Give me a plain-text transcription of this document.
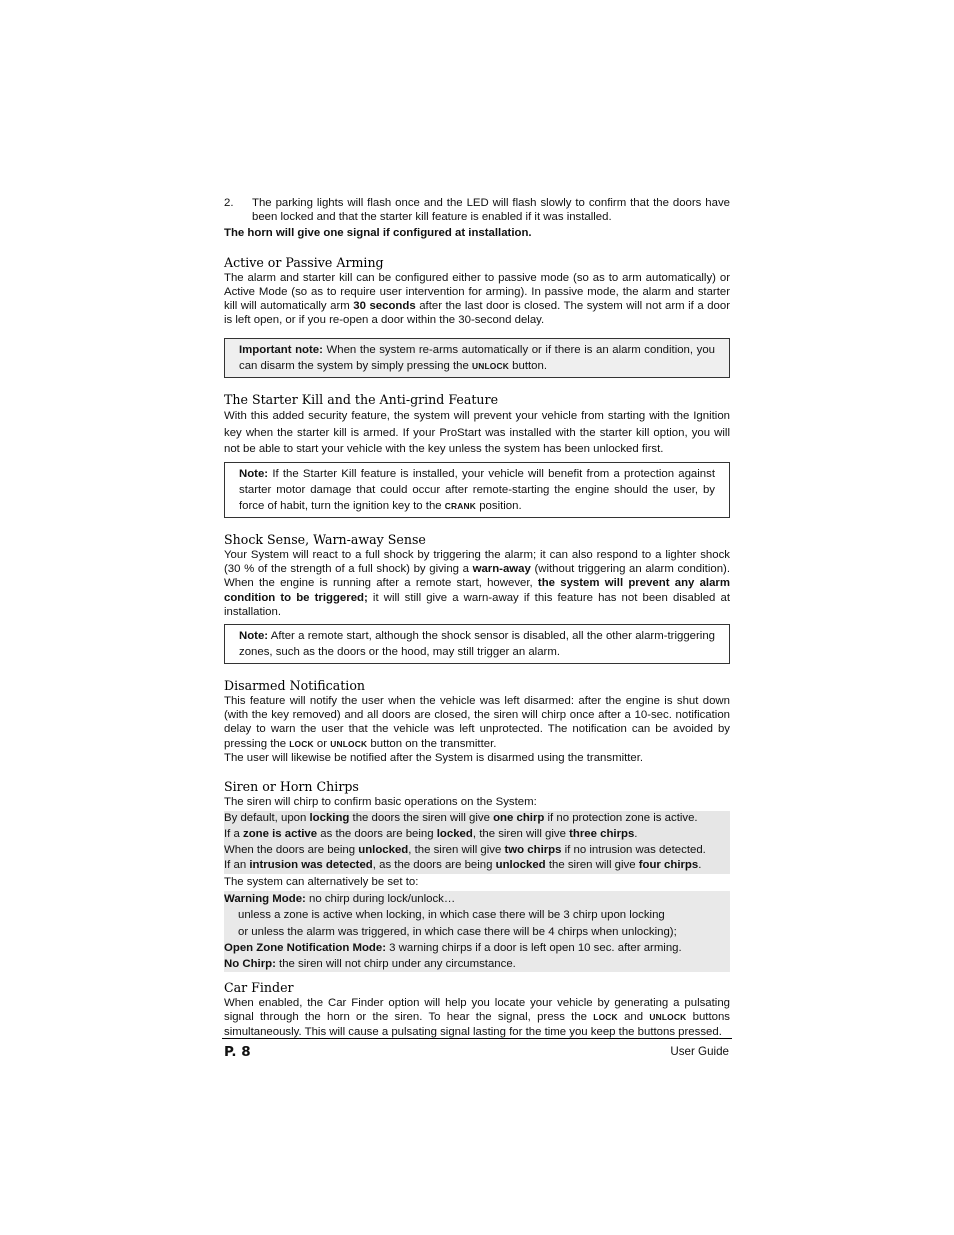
2.	The parking lights will flash once and the LED will flash slowly to confirm that the doors have been locked and that the starter kill feature is enabled if it was installed.

The horn will give one signal if configured at installation.

Active or Passive Arming

The alarm and starter kill can be configured either to passive mode (so as to arm automatically) or Active Mode (so as to require user intervention for arming). In passive mode, the alarm and starter kill will automatically arm 30 seconds after the last door is closed. The system will not arm if a door is left open, or if you re-open a door within the 30-second delay.

Important note: When the system re-arms automatically or if there is an alarm condition, you can disarm the system by simply pressing the UNLOCK button.
The Starter Kill and the Anti-grind Feature

With this added security feature, the system will prevent your vehicle from starting with the Ignition key when the starter kill is armed. If your ProStart was installed with the starter kill option, you will not be able to start your vehicle with the key unless the system has been unlocked first.

Note: If the Starter Kill feature is installed, your vehicle will benefit from a protection against starter motor damage that could occur after remote-starting the engine should the user, by force of habit, turn the ignition key to the CRANK position.
Shock Sense, Warn-away Sense

Your System will react to a full shock by triggering the alarm; it can also respond to a lighter shock (30 % of the strength of a full shock) by giving a warn-away (without triggering an alarm condition). When the engine is running after a remote start, however, the system will prevent any alarm condition to be triggered; it will still give a warn-away if this feature has not been disabled at installation.

Note: After a remote start, although the shock sensor is disabled, all the other alarm-triggering zones, such as the doors or the hood, may still trigger an alarm.
Disarmed Notification

This feature will notify the user when the vehicle was left disarmed: after the engine is shut down (with the key removed) and all doors are closed, the siren will chirp once after a 10-sec. notification delay to warn the user that the vehicle was left unprotected. The notification can be avoided by pressing the LOCK or UNLOCK button on the transmitter.

The user will likewise be notified after the System is disarmed using the transmitter.

Siren or Horn Chirps

The siren will chirp to confirm basic operations on the System:

By default, upon locking the doors the siren will give one chirp if no protection zone is active.

If a zone is active as the doors are being locked, the siren will give three chirps.

When the doors are being unlocked, the siren will give two chirps if no intrusion was detected.

If an intrusion was detected, as the doors are being unlocked the siren will give four chirps.

The system can alternatively be set to:

Warning Mode: no chirp during lock/unlock…
unless a zone is active when locking, in which case there will be 3 chirp upon locking
or unless the alarm was triggered, in which case there will be 4 chirps when unlocking);
Open Zone Notification Mode: 3 warning chirps if a door is left open 10 sec. after arming.
No Chirp: the siren will not chirp under any circumstance.
Car Finder

When enabled, the Car Finder option will help you locate your vehicle by generating a pulsating signal through the horn or the siren. To hear the signal, press the LOCK and UNLOCK buttons simultaneously. This will cause a pulsating signal lasting for the time you keep the buttons pressed.

P. 8	User Guide
